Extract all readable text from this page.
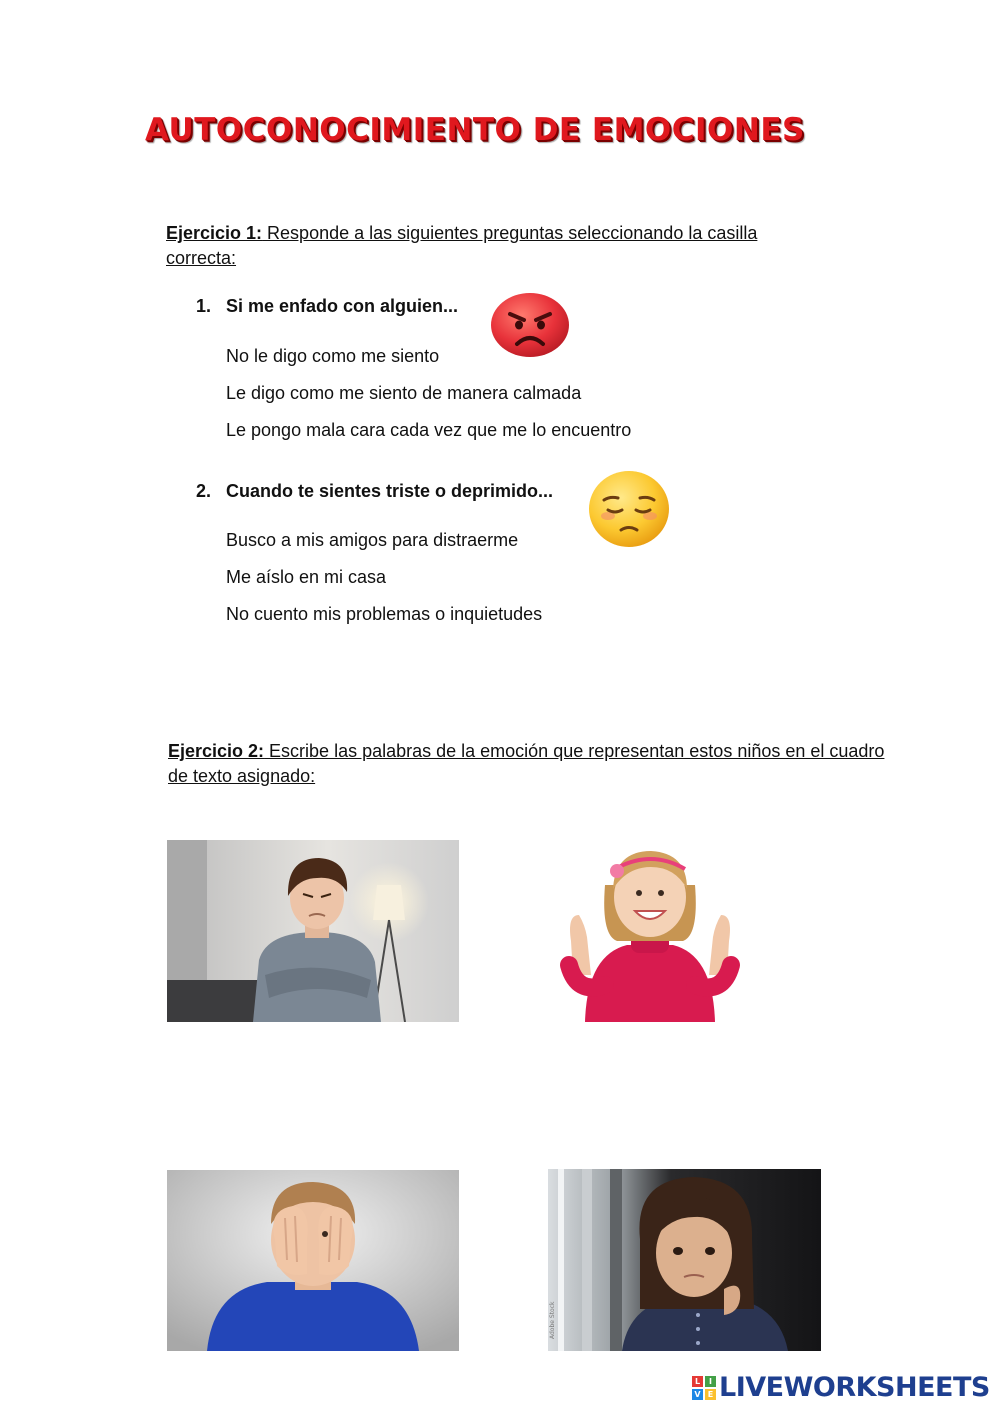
AUTOCONOCIMIENTO DE EMOCIONES

Ejercicio 1: Responde a las siguientes preguntas seleccionando la casilla correcta:

1. Si me enfado con alguien...
No le digo como me siento
Le digo como me siento de manera calmada
Le pongo mala cara cada vez que me lo encuentro
2. Cuando te sientes triste o deprimido...
Busco a mis amigos para distraerme
Me aíslo en mi casa
No cuento mis problemas o inquietudes

Ejercicio 2: Escribe las palabras de la emoción que representan estos niños en el cuadro de texto asignado:

Adobe Stock
L	I
V E LIVEWORKSHEETS
